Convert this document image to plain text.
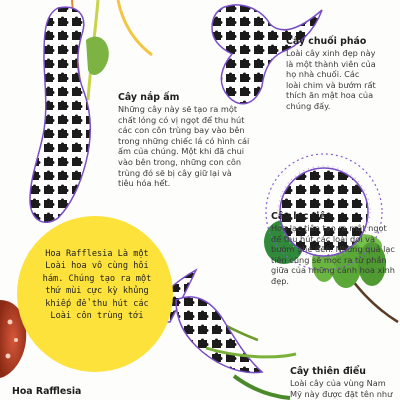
Hoa Rafflesia Là một Loài hoa vô cùng hôi hám. Chúng tạo ra một thứ mùi cực kỳ khủng khiếp để thu hút các Loài côn trùng tới
Cây nắp ấm

Những cây này sẽ tạo ra một chất lỏng có vị ngọt để thu hút các con côn trùng bay vào bên trong những chiếc lá có hình cái ấm của chúng. Một khi đã chui vào bên trong, những con côn trùng đó sẽ bị cây giữ lại và tiêu hóa hết.

Cây chuối pháo

Loài cây xinh đẹp này là một thành viên của họ nhà chuối. Các loài chim và bướm rất thích ăn mật hoa của chúng đấy.

Cây lạc tiên

Hoa lạc tiên tạo ra mật ngọt để thu hút các loài dơi và bướm ghé đến. Những quả lạc tiên cũng sẽ mọc ra từ phần giữa của những cánh hoa xinh đẹp.

Cây thiên điểu

Loài cây của vùng Nam Mỹ này được đặt tên như

Hoa Rafflesia
